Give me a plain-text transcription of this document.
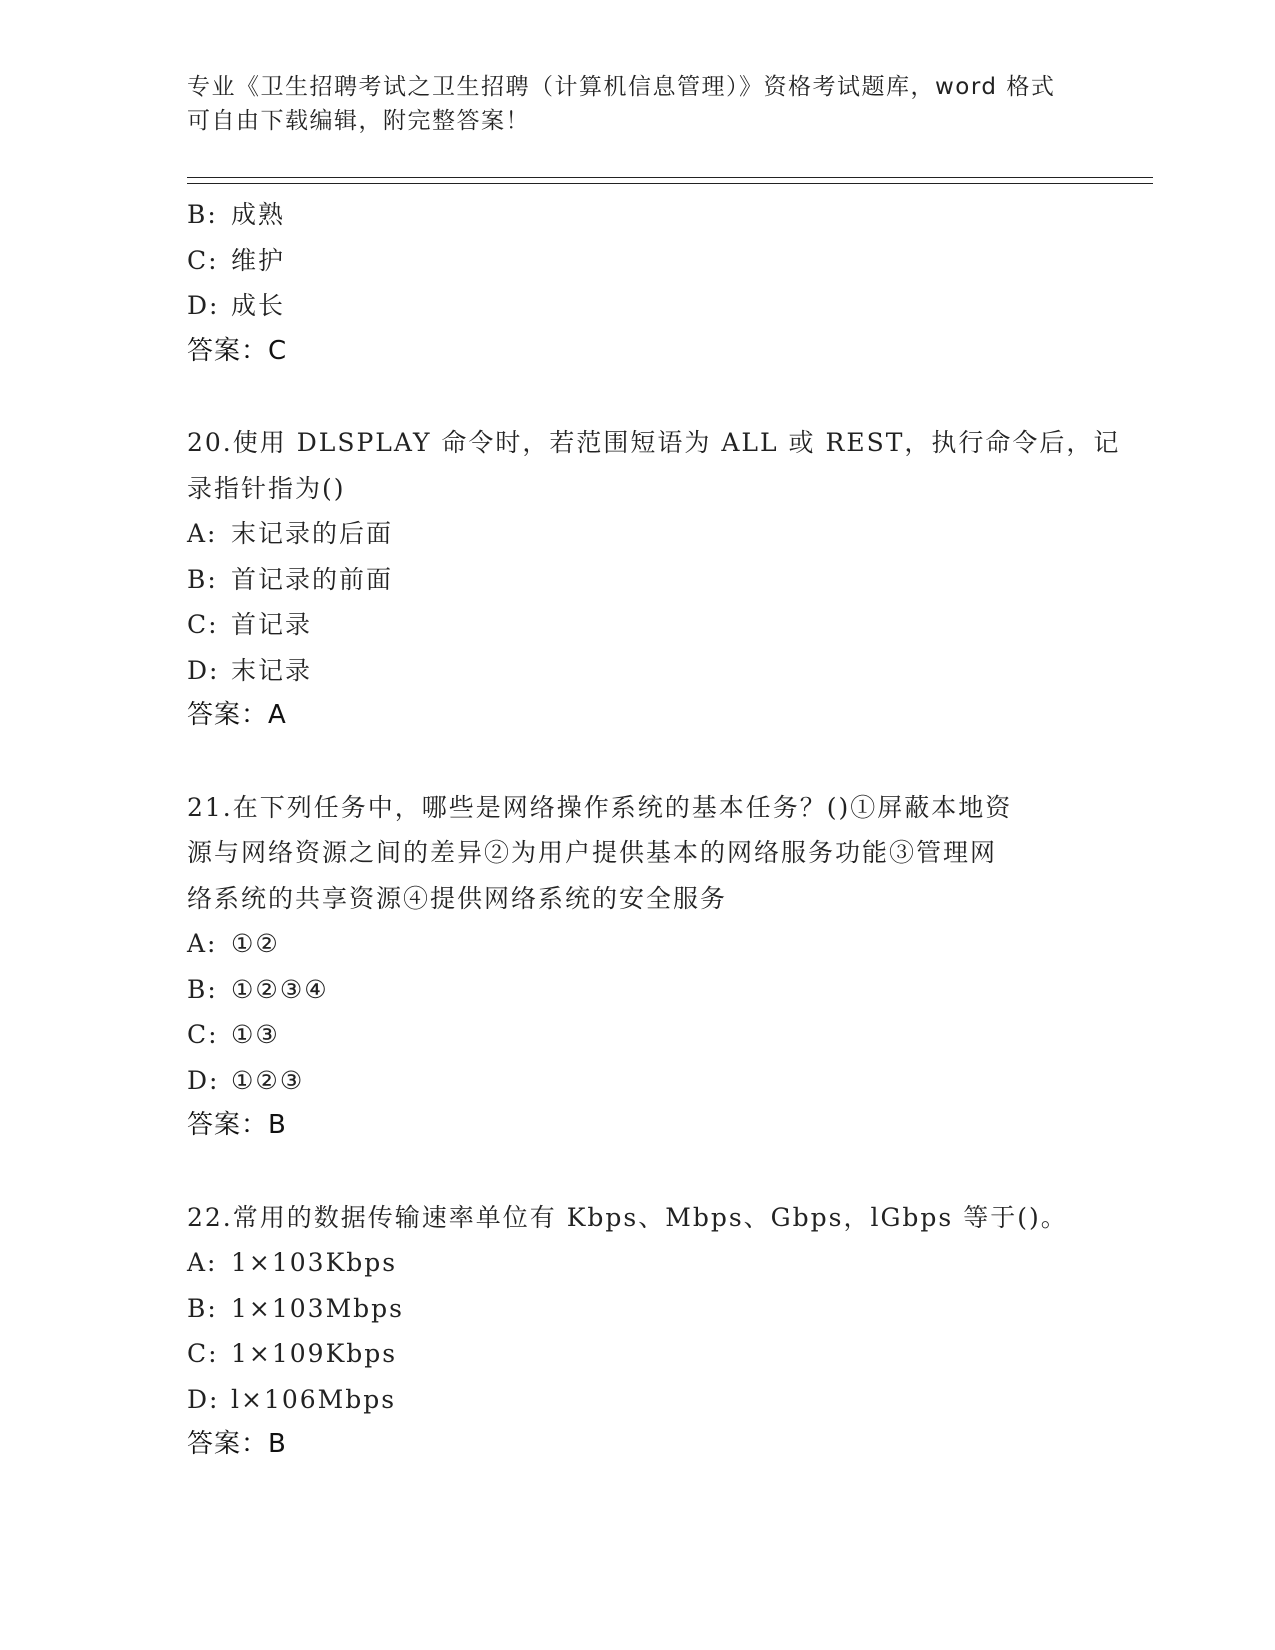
专业《卫生招聘考试之卫生招聘（计算机信息管理）》资格考试题库，word 格式
可自由下载编辑，附完整答案！
B: 成熟
C: 维护
D: 成长
答案：C
20.使用 DLSPLAY 命令时，若范围短语为 ALL 或 REST，执行命令后，记
录指针指为()
A: 末记录的后面
B: 首记录的前面
C: 首记录
D: 末记录
答案：A
21.在下列任务中，哪些是网络操作系统的基本任务？()①屏蔽本地资
源与网络资源之间的差异②为用户提供基本的网络服务功能③管理网
络系统的共享资源④提供网络系统的安全服务
A: ①②
B: ①②③④
C: ①③
D: ①②③
答案：B
22.常用的数据传输速率单位有 Kbps、Mbps、Gbps，lGbps 等于()。
A: 1×103Kbps
B: 1×103Mbps
C: 1×109Kbps
D: l×106Mbps
答案：B
